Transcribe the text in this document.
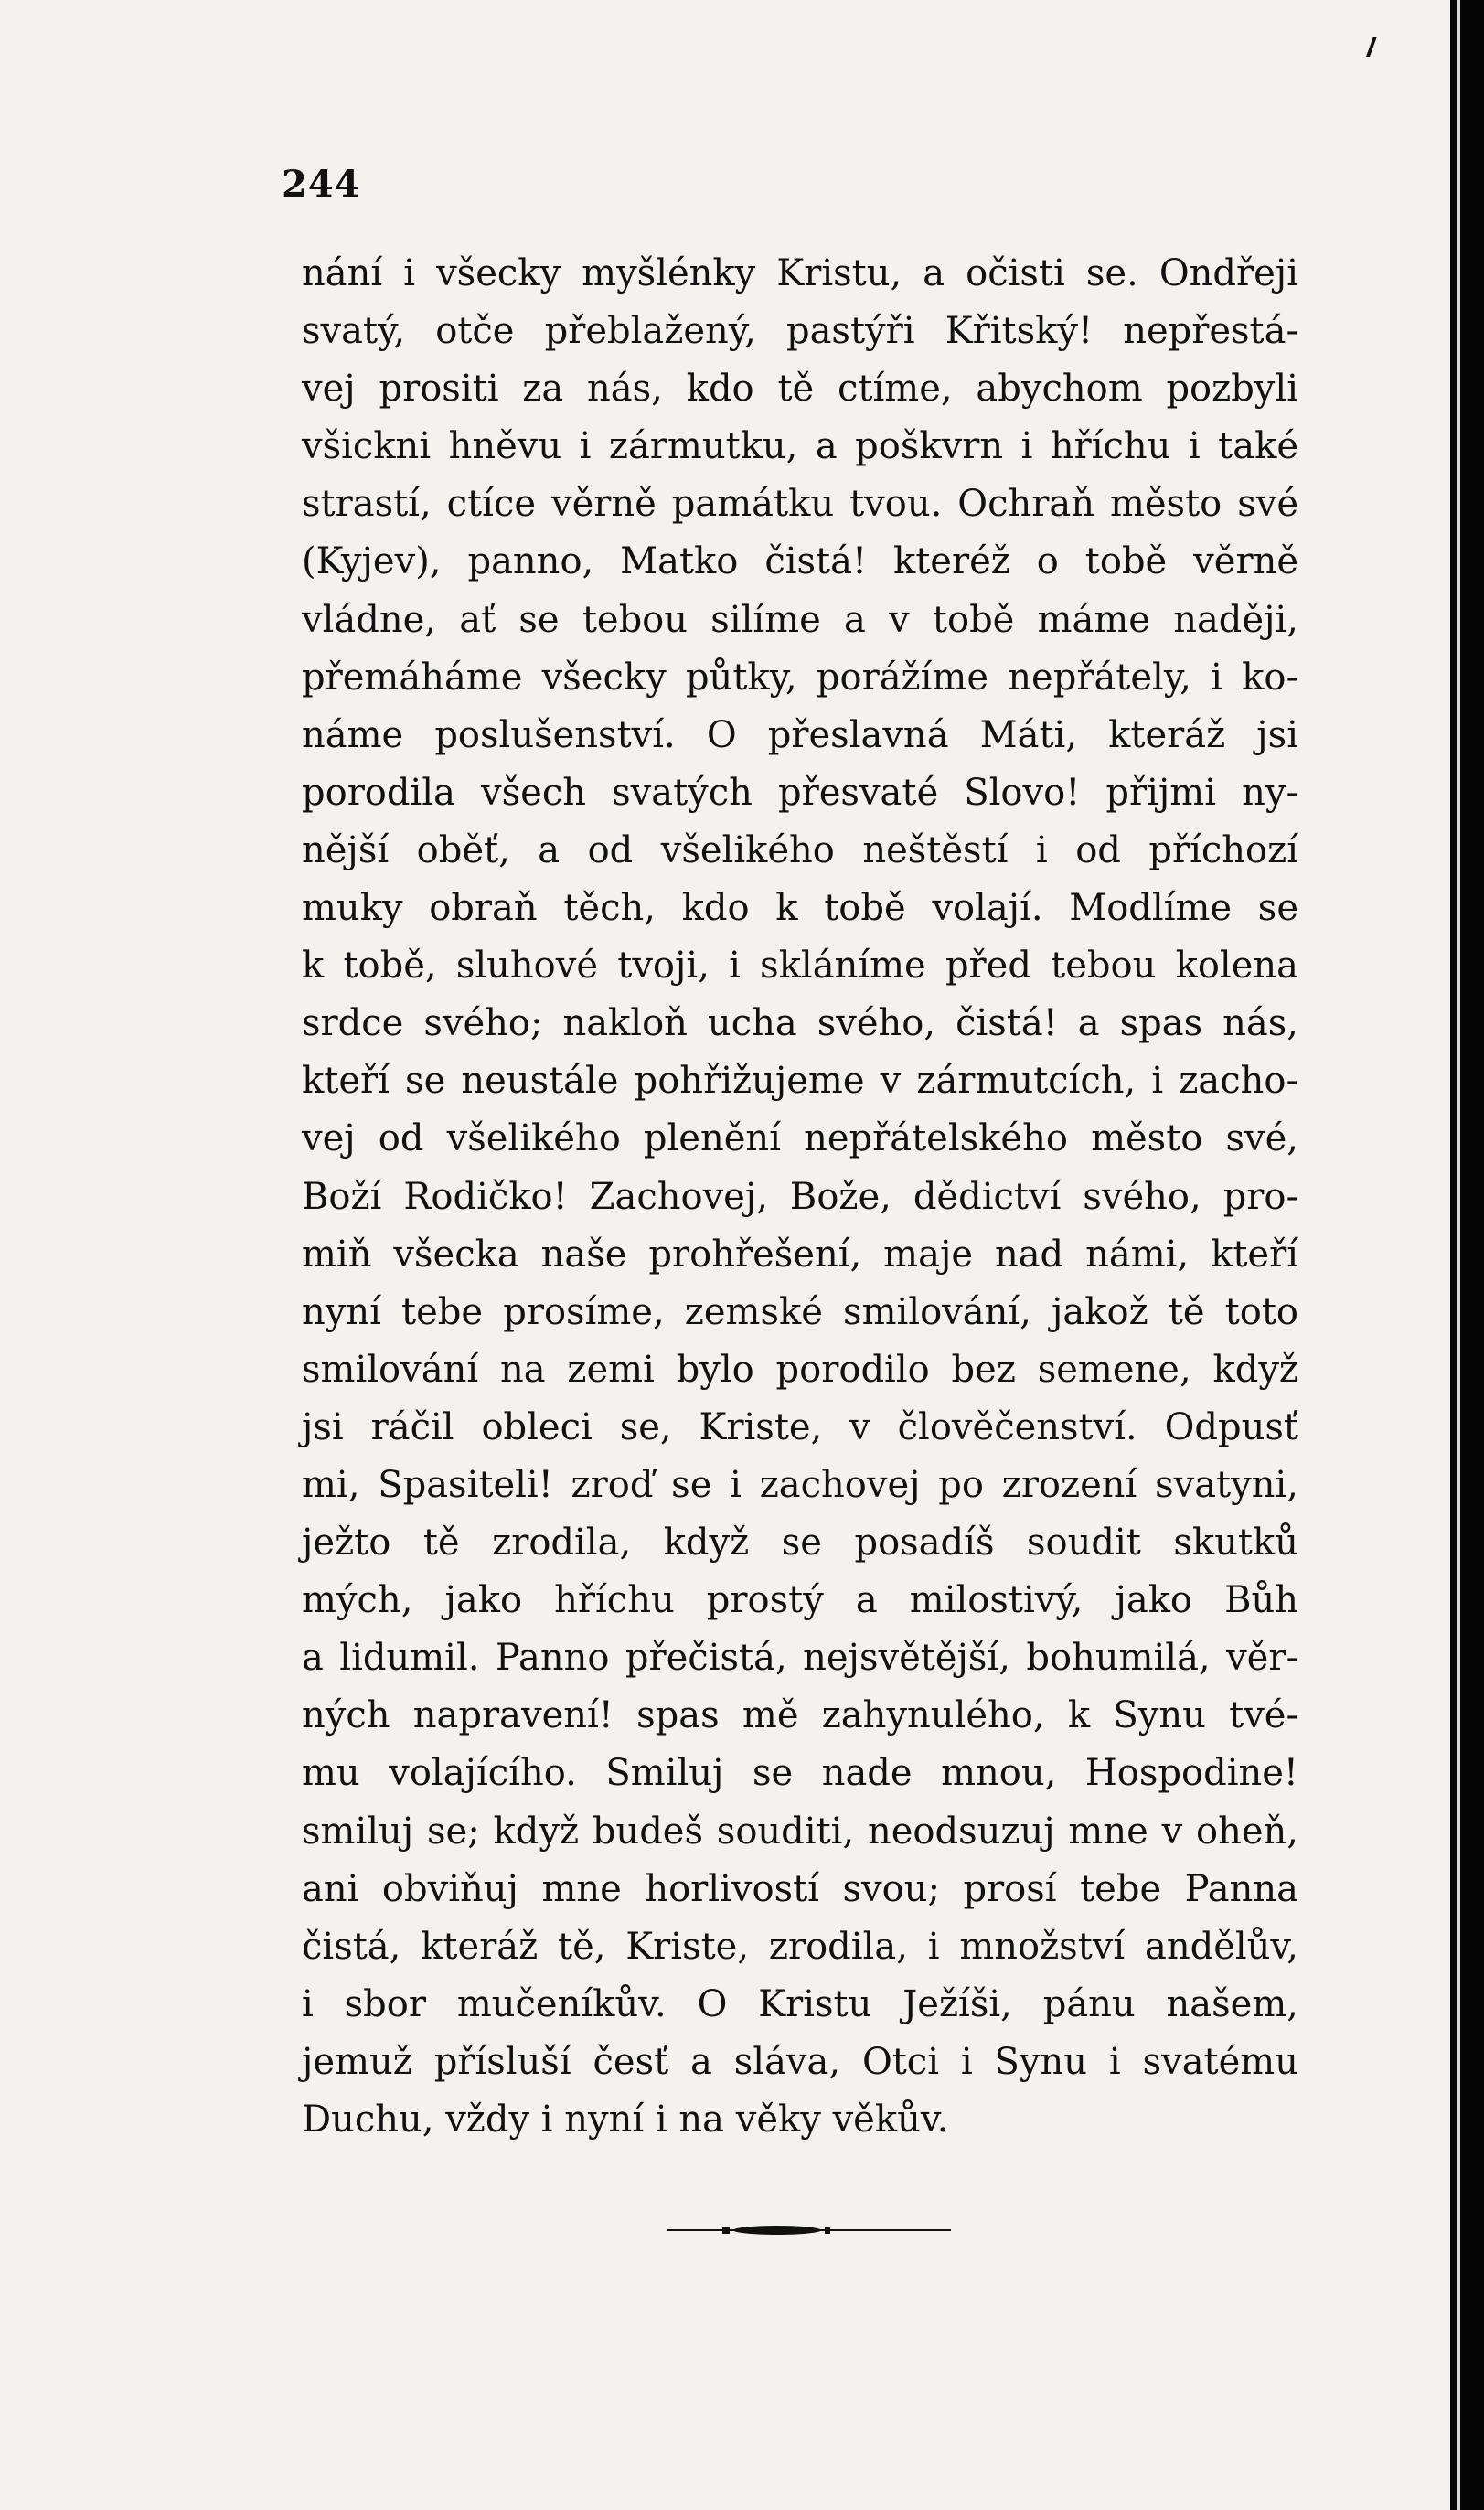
244
nání i všecky myšlénky Kristu, a očisti se. Ondřeji
svatý, otče přeblažený, pastýři Křitský! nepřestá-
vej prositi za nás, kdo tě ctíme, abychom pozbyli
všickni hněvu i zármutku, a poškvrn i hříchu i také
strastí, ctíce věrně památku tvou. Ochraň město své
(Kyjev), panno, Matko čistá! kteréž o tobě věrně
vládne, ať se tebou silíme a v tobě máme naději,
přemáháme všecky půtky, porážíme nepřátely, i ko-
náme poslušenství. O přeslavná Máti, kteráž jsi
porodila všech svatých přesvaté Slovo! přijmi ny-
nější oběť, a od všelikého neštěstí i od příchozí
muky obraň těch, kdo k tobě volají. Modlíme se
k tobě, sluhové tvoji, i skláníme před tebou kolena
srdce svého; nakloň ucha svého, čistá! a spas nás,
kteří se neustále pohřižujeme v zármutcích, i zacho-
vej od všelikého plenění nepřátelského město své,
Boží Rodičko! Zachovej, Bože, dědictví svého, pro-
miň všecka naše prohřešení, maje nad námi, kteří
nyní tebe prosíme, zemské smilování, jakož tě toto
smilování na zemi bylo porodilo bez semene, když
jsi ráčil obleci se, Kriste, v člověčenství. Odpusť
mi, Spasiteli! zroď se i zachovej po zrození svatyni,
ježto tě zrodila, když se posadíš soudit skutků
mých, jako hříchu prostý a milostivý, jako Bůh
a lidumil. Panno přečistá, nejsvětější, bohumilá, věr-
ných napravení! spas mě zahynulého, k Synu tvé-
mu volajícího. Smiluj se nade mnou, Hospodine!
smiluj se; když budeš souditi, neodsuzuj mne v oheň,
ani obviňuj mne horlivostí svou; prosí tebe Panna
čistá, kteráž tě, Kriste, zrodila, i množství andělův,
i sbor mučeníkův. O Kristu Ježíši, pánu našem,
jemuž přísluší česť a sláva, Otci i Synu i svatému
Duchu, vždy i nyní i na věky věkův.
